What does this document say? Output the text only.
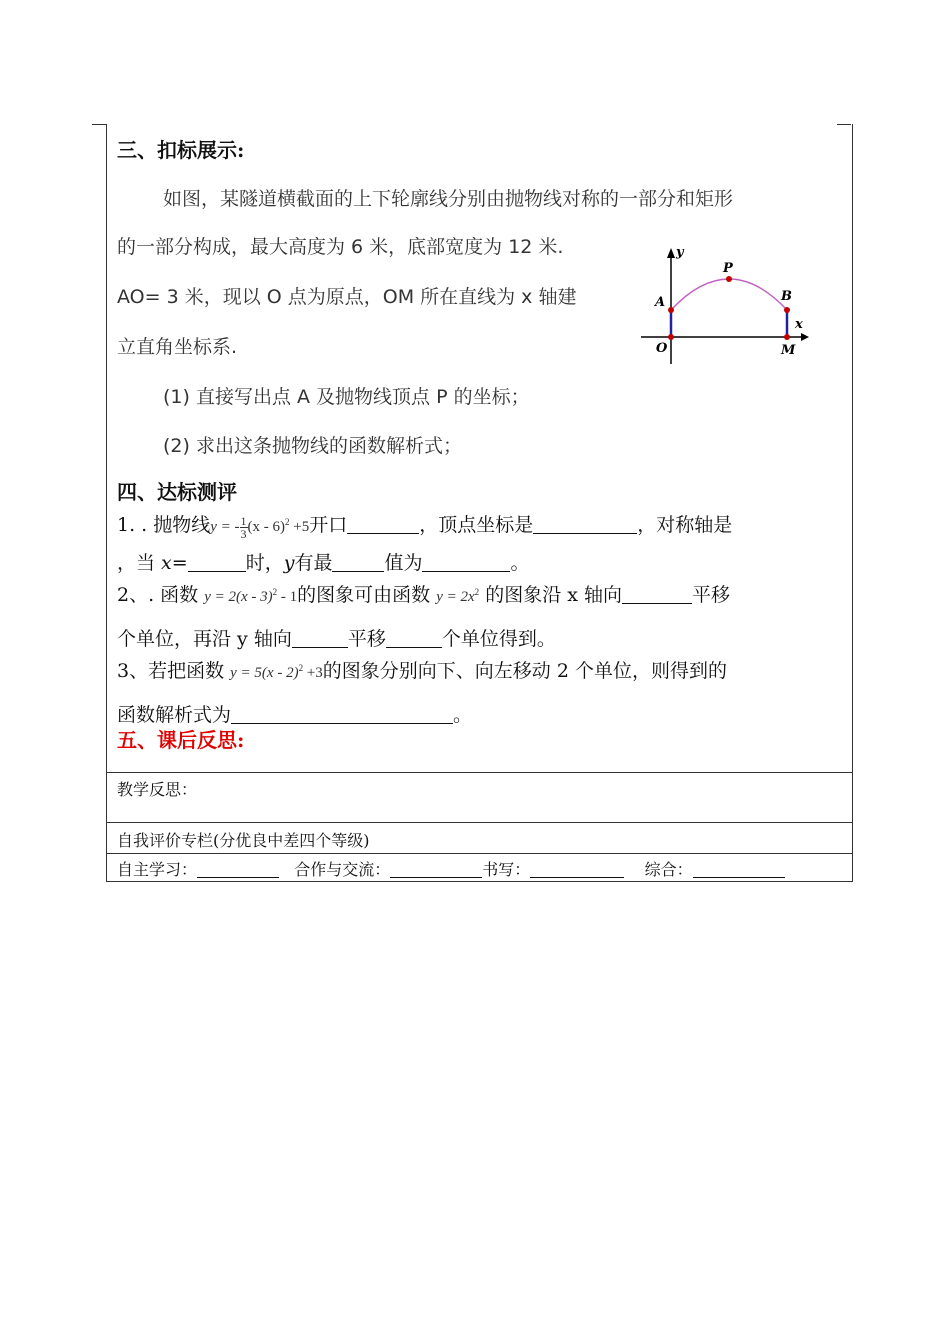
三、扣标展示:
如图，某隧道横截面的上下轮廓线分别由抛物线对称的一部分和矩形
的一部分构成，最大高度为 6 米，底部宽度为 12 米.
AO= 3 米，现以 O 点为原点，OM 所在直线为 x 轴建
立直角坐标系.
(1) 直接写出点 A 及抛物线顶点 P 的坐标；
(2) 求出这条抛物线的函数解析式；
y
x
A
P
B
O	M
四、达标测评
1. . 抛物线y = - $\frac{1}{3} (x - 6)^2 +5$开口	，顶点坐标是	，对称轴是
，当 x=	时，y有最	值为	。
2、. 函数 y = 2(x - 3)$^2$ - 1的图象可由函数 $y = 2x^2$ 的图象沿 x 轴向	平移
个单位，再沿 y 轴向	平移	个单位得到。
3、若把函数 y = 5(x - 2)$^2$ +3的图象分别向下、向左移动 2 个单位，则得到的
函数解析式为	。
五、课后反思:
教学反思：
自我评价专栏(分优良中差四个等级)
自主学习：	合作与交流：	书写：	综合：
